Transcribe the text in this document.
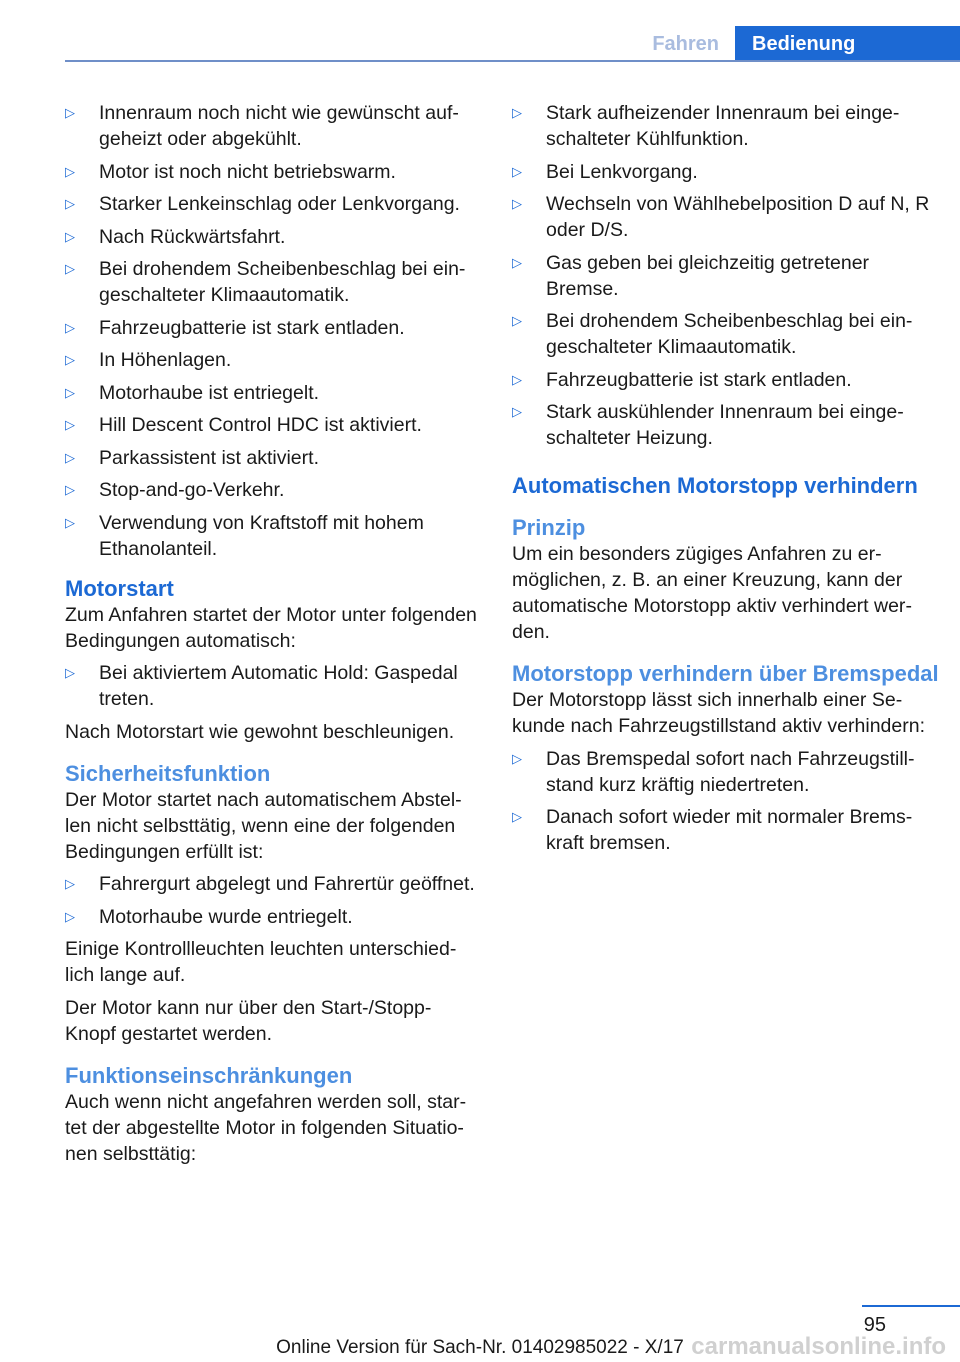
Fahren	Bedienung
▷ Innenraum noch nicht wie gewünscht aufgeheizt oder abgekühlt.
▷ Motor ist noch nicht betriebswarm.
▷ Starker Lenkeinschlag oder Lenkvorgang.
▷ Nach Rückwärtsfahrt.
▷ Bei drohendem Scheibenbeschlag bei eingeschalteter Klimaautomatik.
▷ Fahrzeugbatterie ist stark entladen.
▷ In Höhenlagen.
▷ Motorhaube ist entriegelt.
▷ Hill Descent Control HDC ist aktiviert.
▷ Parkassistent ist aktiviert.
▷ Stop-and-go-Verkehr.
▷ Verwendung von Kraftstoff mit hohem Ethanolanteil.
Motorstart

Zum Anfahren startet der Motor unter folgenden Bedingungen automatisch:

▷ Bei aktiviertem Automatic Hold: Gaspedal treten.

Nach Motorstart wie gewohnt beschleunigen.

Sicherheitsfunktion

Der Motor startet nach automatischem Abstellen nicht selbsttätig, wenn eine der folgenden Bedingungen erfüllt ist:

▷ Fahrergurt abgelegt und Fahrertür geöffnet.
▷ Motorhaube wurde entriegelt.

Einige Kontrollleuchten leuchten unterschiedlich lange auf.

Der Motor kann nur über den Start-/Stopp-Knopf gestartet werden.

Funktionseinschränkungen

Auch wenn nicht angefahren werden soll, startet der abgestellte Motor in folgenden Situationen selbsttätig:

▷ Stark aufheizender Innenraum bei eingeschalteter Kühlfunktion.
▷ Bei Lenkvorgang.
▷ Wechseln von Wählhebelposition D auf N, R oder D/S.
▷ Gas geben bei gleichzeitig getretener Bremse.
▷ Bei drohendem Scheibenbeschlag bei eingeschalteter Klimaautomatik.
▷ Fahrzeugbatterie ist stark entladen.
▷ Stark auskühlender Innenraum bei eingeschalteter Heizung.
Automatischen Motorstopp verhindern
Prinzip

Um ein besonders zügiges Anfahren zu ermöglichen, z. B. an einer Kreuzung, kann der automatische Motorstopp aktiv verhindert werden.

Motorstopp verhindern über Bremspedal

Der Motorstopp lässt sich innerhalb einer Sekunde nach Fahrzeugstillstand aktiv verhindern:

▷ Das Bremspedal sofort nach Fahrzeugstillstand kurz kräftig niedertreten.
▷ Danach sofort wieder mit normaler Bremskraft bremsen.
95
Online Version für Sach-Nr. 01402985022 - X/17 carmanualsonline.info
